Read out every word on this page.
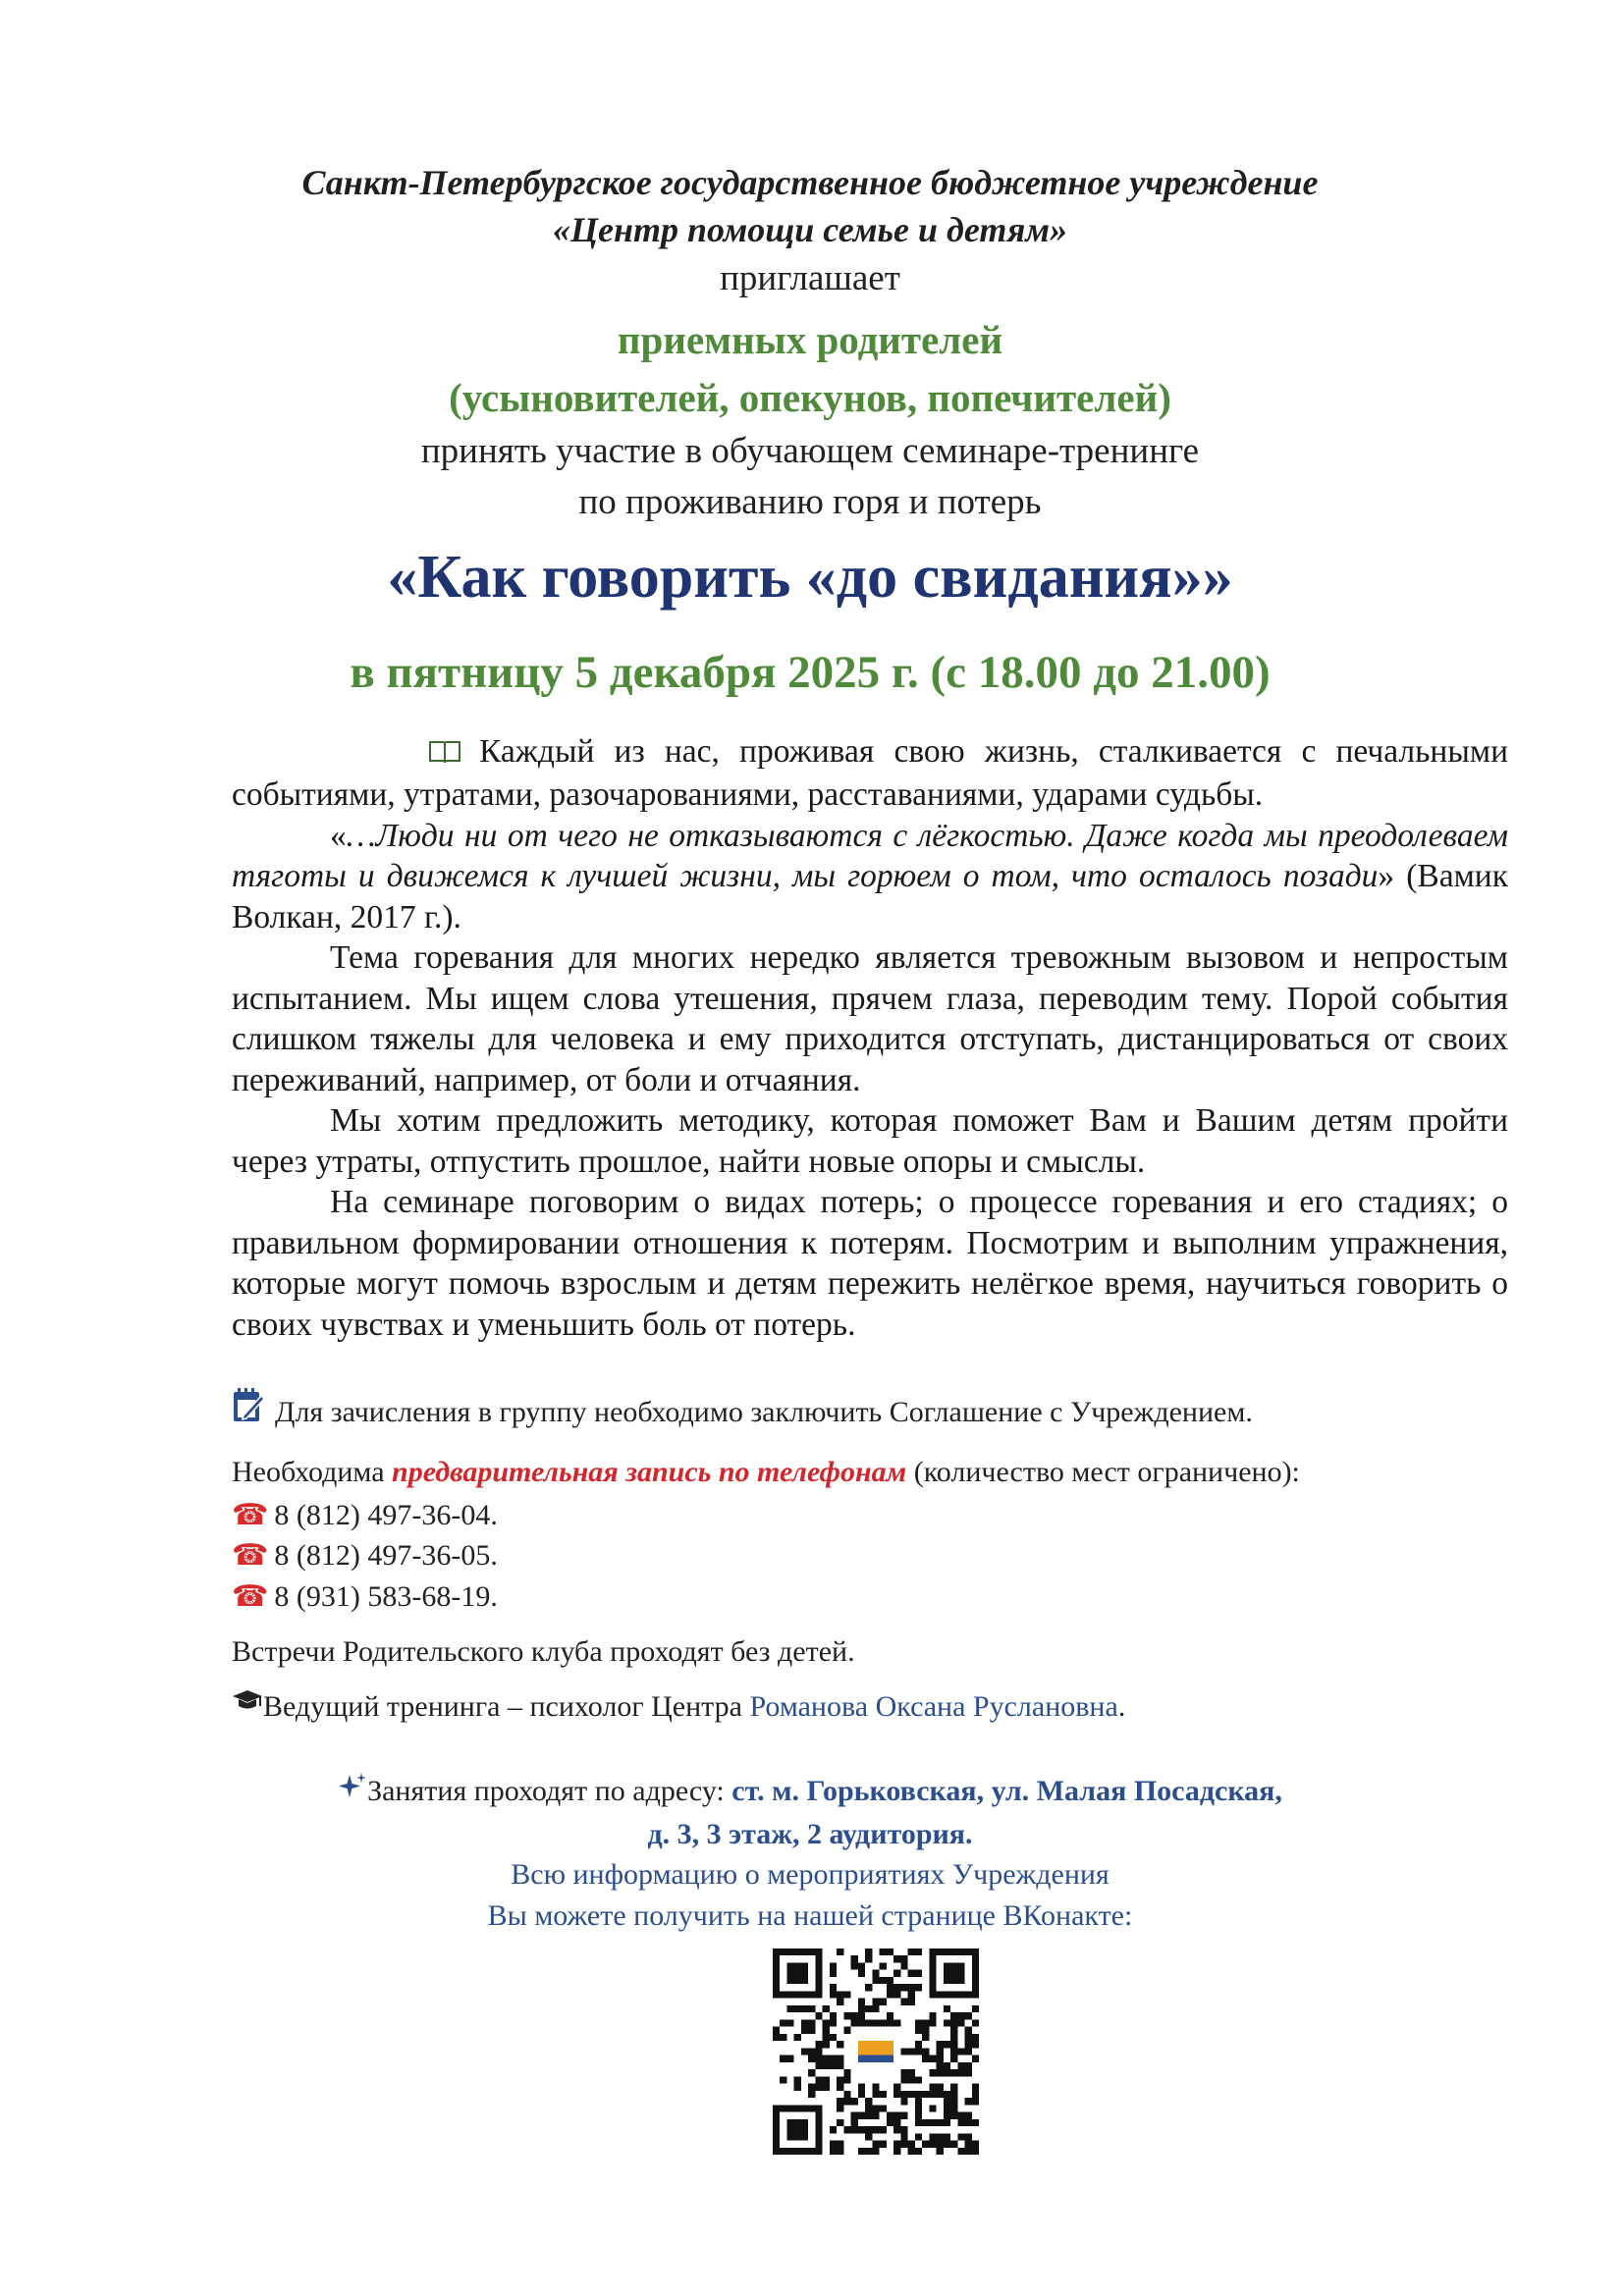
Санкт-Петербургское государственное бюджетное учреждение
«Центр помощи семье и детям»
приглашает
приемных родителей
(усыновителей, опекунов, попечителей)
принять участие в обучающем семинаре-тренинге
по проживанию горя и потерь
«Как говорить «до свидания»»
в пятницу 5 декабря 2025 г. (с 18.00 до 21.00)

Каждый из нас, проживая свою жизнь, сталкивается с печальными событиями, утратами, разочарованиями, расставаниями, ударами судьбы.

«…Люди ни от чего не отказываются с лёгкостью. Даже когда мы преодолеваем тяготы и движемся к лучшей жизни, мы горюем о том, что осталось позади» (Вамик Волкан, 2017 г.).

Тема горевания для многих нередко является тревожным вызовом и непростым испытанием. Мы ищем слова утешения, прячем глаза, переводим тему. Порой события слишком тяжелы для человека и ему приходится отступать, дистанцироваться от своих переживаний, например, от боли и отчаяния.

Мы хотим предложить методику, которая поможет Вам и Вашим детям пройти через утраты, отпустить прошлое, найти новые опоры и смыслы.

На семинаре поговорим о видах потерь; о процессе горевания и его стадиях; о правильном формировании отношения к потерям. Посмотрим и выполним упражнения, которые могут помочь взрослым и детям пережить нелёгкое время, научиться говорить о своих чувствах и уменьшить боль от потерь.

Для зачисления в группу необходимо заключить Соглашение с Учреждением.
Необходима предварительная запись по телефонам (количество мест ограничено):
☎ 8 (812) 497-36-04.
☎ 8 (812) 497-36-05.
☎ 8 (931) 583-68-19.
Встречи Родительского клуба проходят без детей.
Ведущий тренинга – психолог Центра Романова Оксана Руслановна.
Занятия проходят по адресу: ст. м. Горьковская, ул. Малая Посадская,
д. 3, 3 этаж, 2 аудитория.
Всю информацию о мероприятиях Учреждения
Вы можете получить на нашей странице ВКонакте:
